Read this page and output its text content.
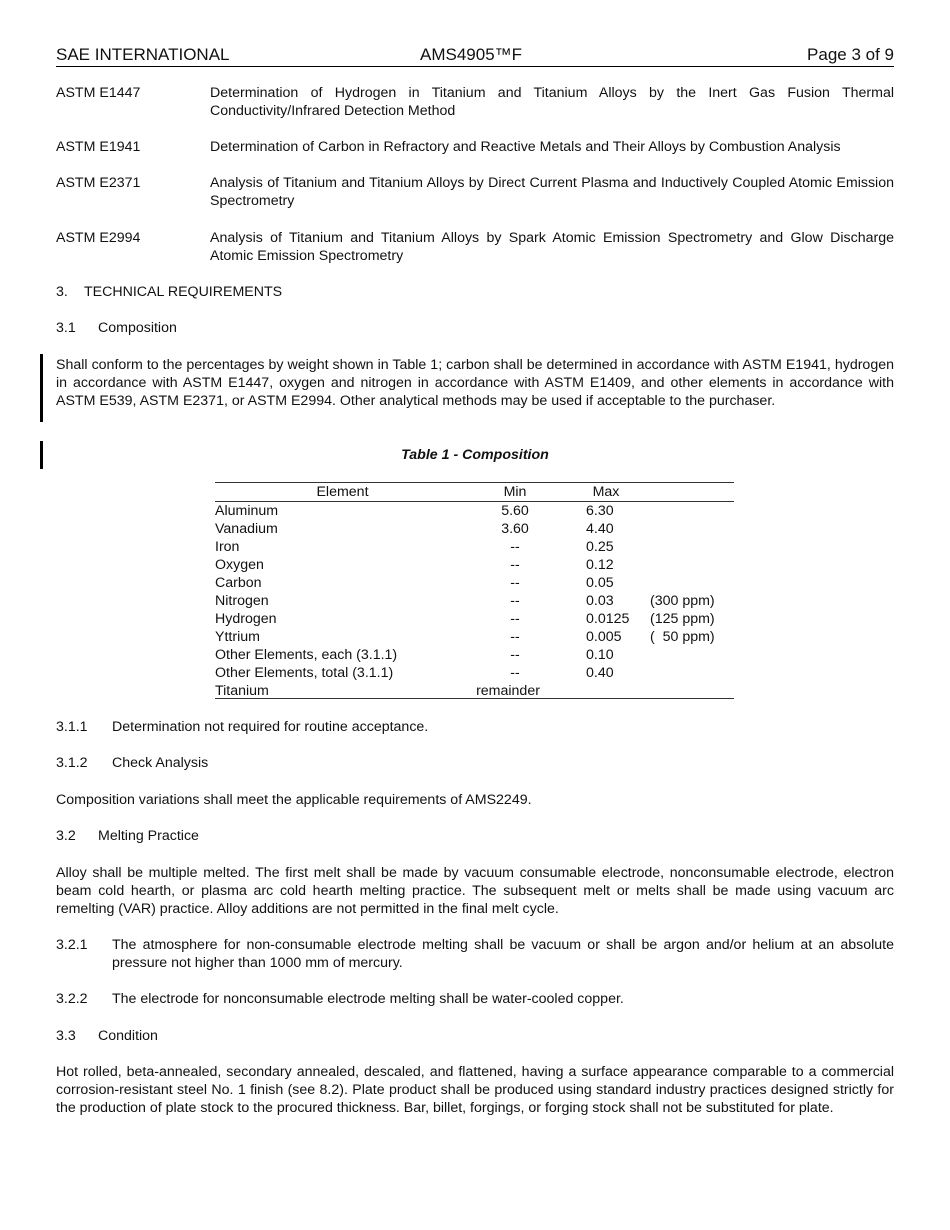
SAE INTERNATIONAL	AMS4905™F	Page 3 of 9
ASTM E1447	Determination of Hydrogen in Titanium and Titanium Alloys by the Inert Gas Fusion Thermal Conductivity/Infrared Detection Method
ASTM E1941	Determination of Carbon in Refractory and Reactive Metals and Their Alloys by Combustion Analysis
ASTM E2371	Analysis of Titanium and Titanium Alloys by Direct Current Plasma and Inductively Coupled Atomic Emission Spectrometry
ASTM E2994	Analysis of Titanium and Titanium Alloys by Spark Atomic Emission Spectrometry and Glow Discharge Atomic Emission Spectrometry
3. TECHNICAL REQUIREMENTS
3.1 Composition
Shall conform to the percentages by weight shown in Table 1; carbon shall be determined in accordance with ASTM E1941, hydrogen in accordance with ASTM E1447, oxygen and nitrogen in accordance with ASTM E1409, and other elements in accordance with ASTM E539, ASTM E2371, or ASTM E2994. Other analytical methods may be used if acceptable to the purchaser.
Table 1 - Composition
Element	Min	Max
Aluminum	5.60	6.30
Vanadium	3.60	4.40
Iron	--	0.25
Oxygen	--	0.12
Carbon	--	0.05
Nitrogen	--	0.03	(300 ppm)
Hydrogen	--	0.0125 (125 ppm)
Yttrium	--	0.005 (  50 ppm)
Other Elements, each (3.1.1)	--	0.10
Other Elements, total (3.1.1)	--	0.40
Titanium	remainder
3.1.1 Determination not required for routine acceptance.
3.1.2 Check Analysis
Composition variations shall meet the applicable requirements of AMS2249.
3.2 Melting Practice
Alloy shall be multiple melted. The first melt shall be made by vacuum consumable electrode, nonconsumable electrode, electron beam cold hearth, or plasma arc cold hearth melting practice. The subsequent melt or melts shall be made using vacuum arc remelting (VAR) practice. Alloy additions are not permitted in the final melt cycle.
3.2.1 The atmosphere for non-consumable electrode melting shall be vacuum or shall be argon and/or helium at an absolute pressure not higher than 1000 mm of mercury.
3.2.2 The electrode for nonconsumable electrode melting shall be water-cooled copper.
3.3 Condition
Hot rolled, beta-annealed, secondary annealed, descaled, and flattened, having a surface appearance comparable to a commercial corrosion-resistant steel No. 1 finish (see 8.2). Plate product shall be produced using standard industry practices designed strictly for the production of plate stock to the procured thickness. Bar, billet, forgings, or forging stock shall not be substituted for plate.
